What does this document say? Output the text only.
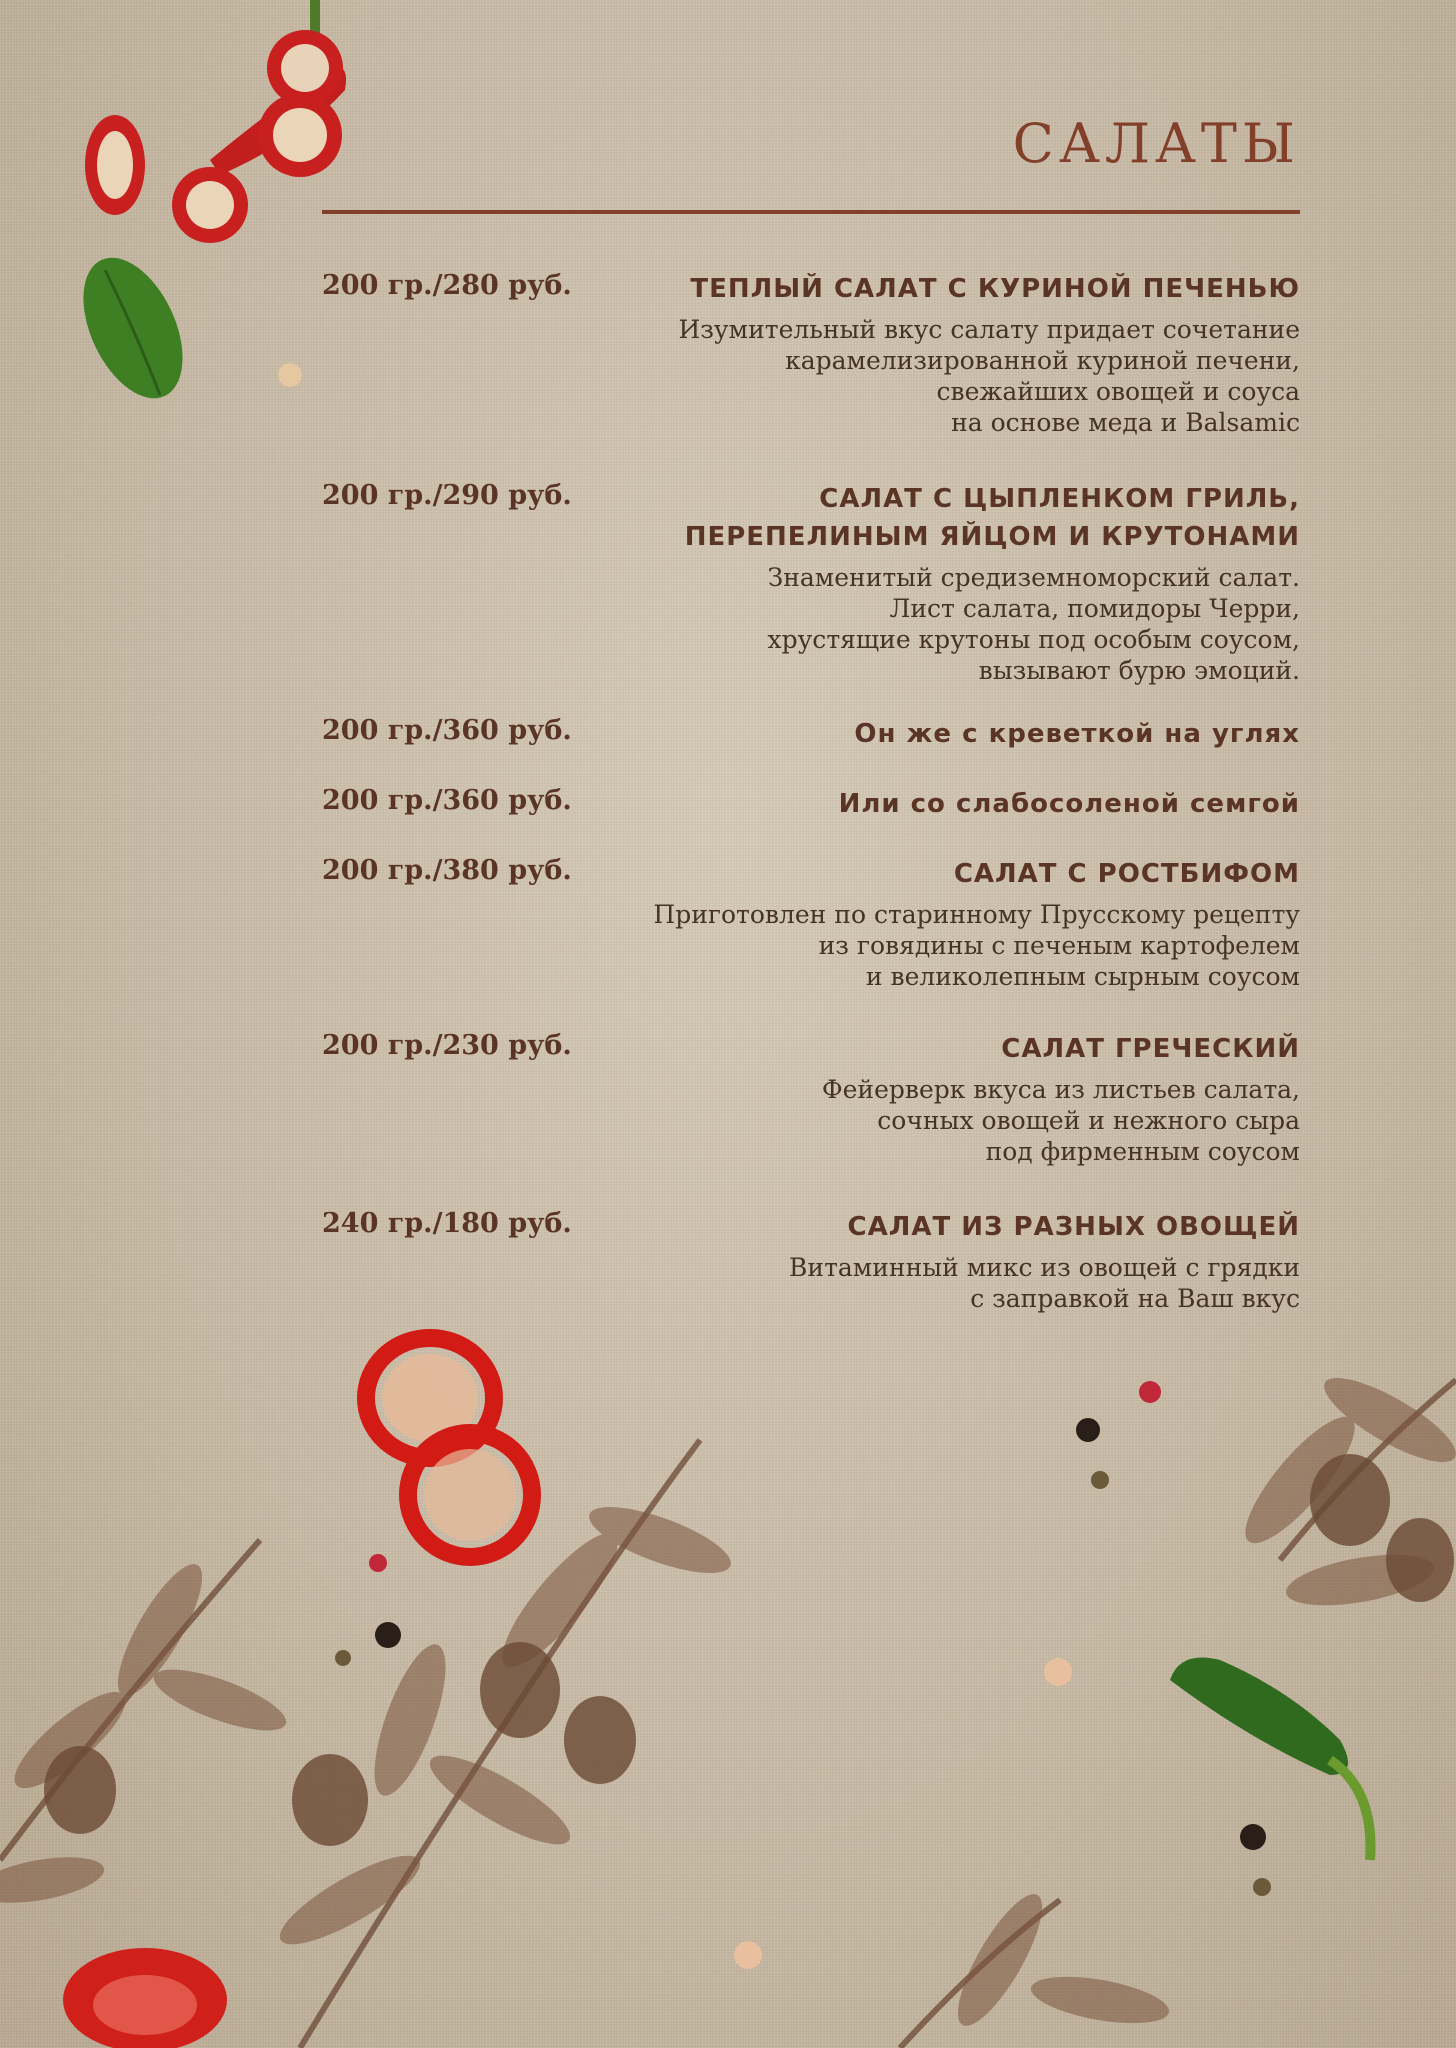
САЛАТЫ

200 гр./280 руб.	ТЕПЛЫЙ САЛАТ С КУРИНОЙ ПЕЧЕНЬЮ
Изумительный вкус салату придает сочетание
карамелизированной куриной печени,
свежайших овощей и соуса
на основе меда и Balsamic

200 гр./290 руб.	САЛАТ С ЦЫПЛЕНКОМ ГРИЛЬ,
ПЕРЕПЕЛИНЫМ ЯЙЦОМ И КРУТОНАМИ
Знаменитый средиземноморский салат.
Лист салата, помидоры Черри,
хрустящие крутоны под особым соусом,
вызывают бурю эмоций.

200 гр./360 руб.	Он же с креветкой на углях

200 гр./360 руб.	Или со слабосоленой семгой

200 гр./380 руб.	САЛАТ С РОСТБИФОМ
Приготовлен по старинному Прусскому рецепту
из говядины с печеным картофелем
и великолепным сырным соусом

200 гр./230 руб.	САЛАТ ГРЕЧЕСКИЙ
Фейерверк вкуса из листьев салата,
сочных овощей и нежного сыра
под фирменным соусом

240 гр./180 руб.	САЛАТ ИЗ РАЗНЫХ ОВОЩЕЙ
Витаминный микс из овощей с грядки
с заправкой на Ваш вкус
